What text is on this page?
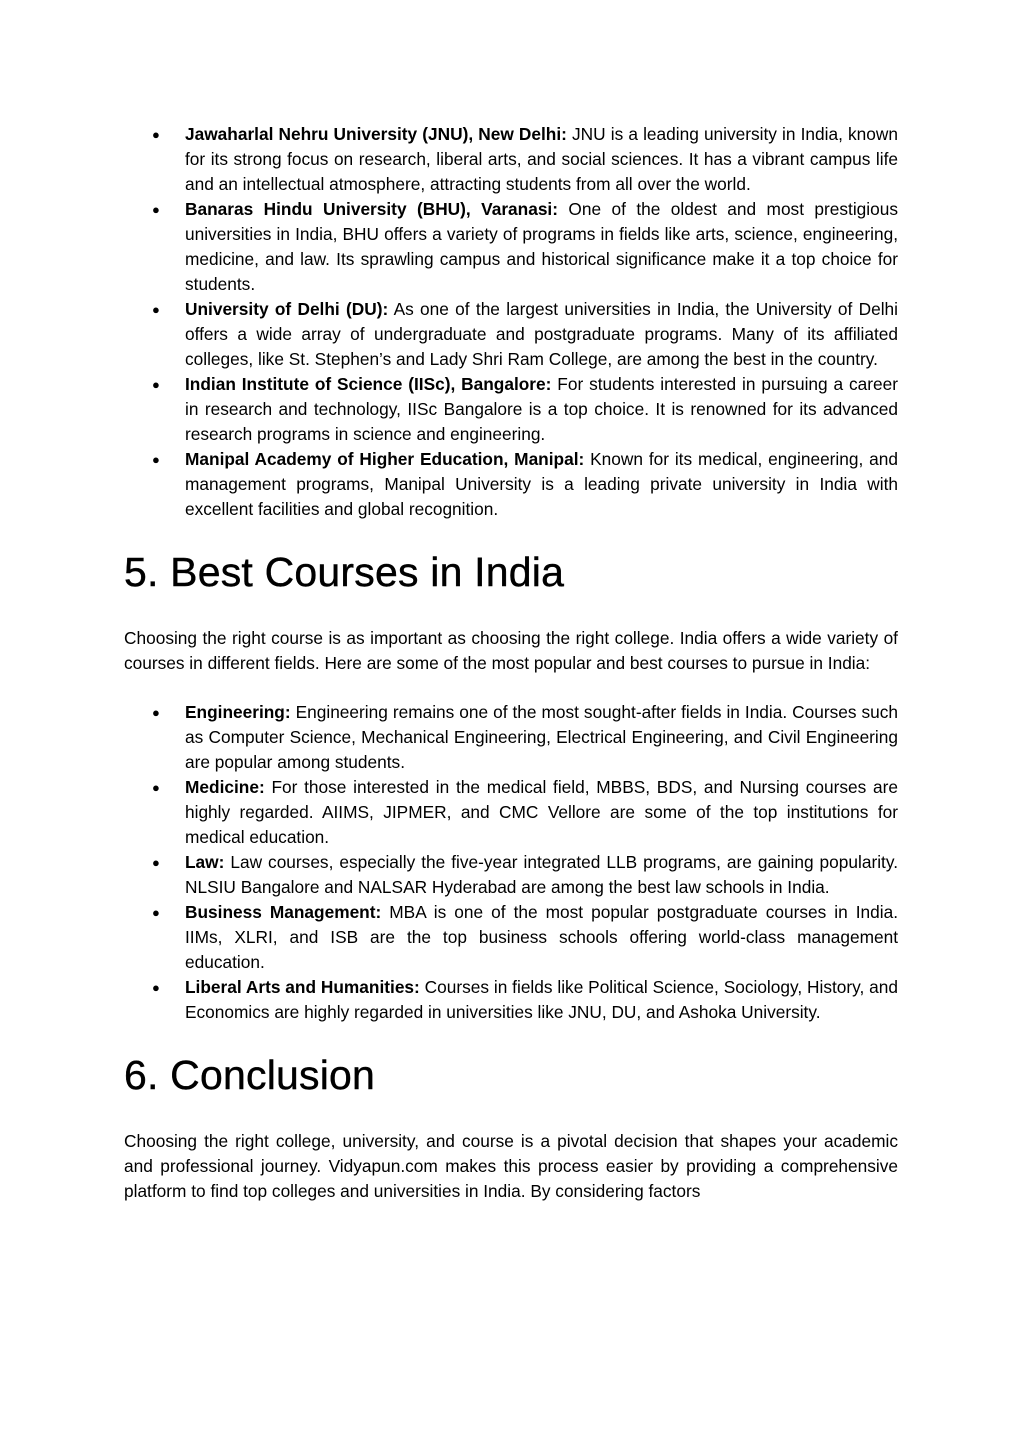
● Jawaharlal Nehru University (JNU), New Delhi: JNU is a leading university in India, known for its strong focus on research, liberal arts, and social sciences. It has a vibrant campus life and an intellectual atmosphere, attracting students from all over the world.
● Banaras Hindu University (BHU), Varanasi: One of the oldest and most prestigious universities in India, BHU offers a variety of programs in fields like arts, science, engineering, medicine, and law. Its sprawling campus and historical significance make it a top choice for students.
● University of Delhi (DU): As one of the largest universities in India, the University of Delhi offers a wide array of undergraduate and postgraduate programs. Many of its affiliated colleges, like St. Stephen’s and Lady Shri Ram College, are among the best in the country.
● Indian Institute of Science (IISc), Bangalore: For students interested in pursuing a career in research and technology, IISc Bangalore is a top choice. It is renowned for its advanced research programs in science and engineering.
● Manipal Academy of Higher Education, Manipal: Known for its medical, engineering, and management programs, Manipal University is a leading private university in India with excellent facilities and global recognition.
5. Best Courses in India

Choosing the right course is as important as choosing the right college. India offers a wide variety of courses in different fields. Here are some of the most popular and best courses to pursue in India:

● Engineering: Engineering remains one of the most sought-after fields in India. Courses such as Computer Science, Mechanical Engineering, Electrical Engineering, and Civil Engineering are popular among students.
● Medicine: For those interested in the medical field, MBBS, BDS, and Nursing courses are highly regarded. AIIMS, JIPMER, and CMC Vellore are some of the top institutions for medical education.
● Law: Law courses, especially the five-year integrated LLB programs, are gaining popularity. NLSIU Bangalore and NALSAR Hyderabad are among the best law schools in India.
● Business Management: MBA is one of the most popular postgraduate courses in India. IIMs, XLRI, and ISB are the top business schools offering world-class management education.
● Liberal Arts and Humanities: Courses in fields like Political Science, Sociology, History, and Economics are highly regarded in universities like JNU, DU, and Ashoka University.
6. Conclusion

Choosing the right college, university, and course is a pivotal decision that shapes your academic and professional journey. Vidyapun.com makes this process easier by providing a comprehensive platform to find top colleges and universities in India. By considering factors
